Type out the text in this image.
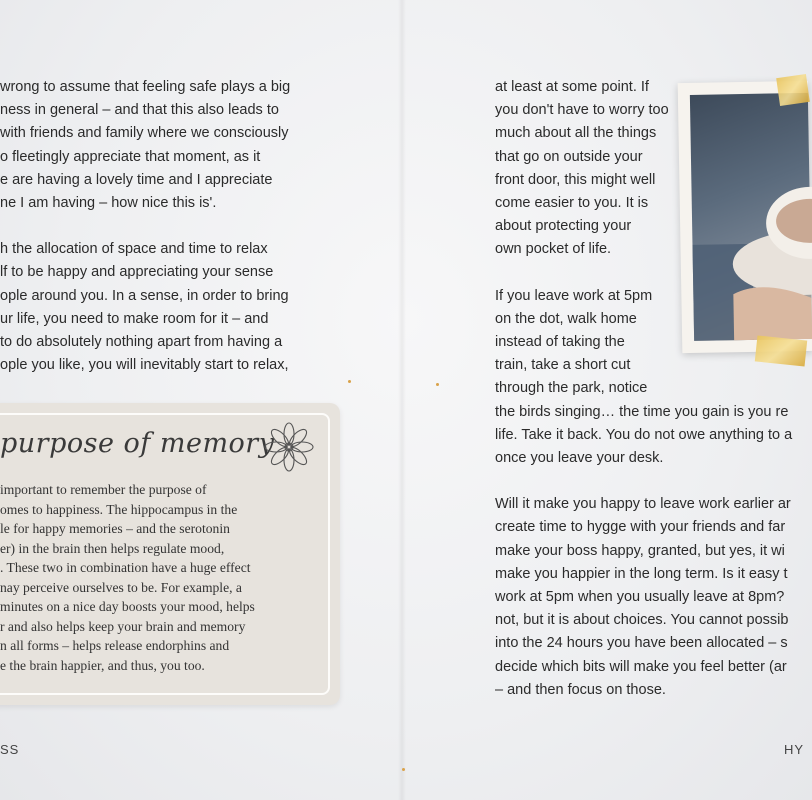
wrong to assume that feeling safe plays a big

ness in general – and that this also leads to

with friends and family where we consciously

o fleetingly appreciate that moment, as it

e are having a lovely time and I appreciate

ne I am having – how nice this is'.

h the allocation of space and time to relax

lf to be happy and appreciating your sense

ople around you. In a sense, in order to bring

ur life, you need to make room for it – and

to do absolutely nothing apart from having a

ople you like, you will inevitably start to relax,

purpose of memory

important to remember the purpose of

omes to happiness. The hippocampus in the

le for happy memories – and the serotonin

er) in the brain then helps regulate mood,

. These two in combination have a huge effect

nay perceive ourselves to be. For example, a

minutes on a nice day boosts your mood, helps

r and also helps keep your brain and memory

n all forms – helps release endorphins and

e the brain happier, and thus, you too.

SS

at least at some point. If

you don't have to worry too

much about all the things

that go on outside your

front door, this might well

come easier to you. It is

about protecting your

own pocket of life.

If you leave work at 5pm

on the dot, walk home

instead of taking the

train, take a short cut

through the park, notice

the birds singing… the time you gain is you re

life. Take it back. You do not owe anything to a

once you leave your desk.

Will it make you happy to leave work earlier ar

create time to hygge with your friends and far

make your boss happy, granted, but yes, it wi

make you happier in the long term. Is it easy t

work at 5pm when you usually leave at 8pm?

not, but it is about choices. You cannot possib

into the 24 hours you have been allocated – s

decide which bits will make you feel better (ar

– and then focus on those.

HY
